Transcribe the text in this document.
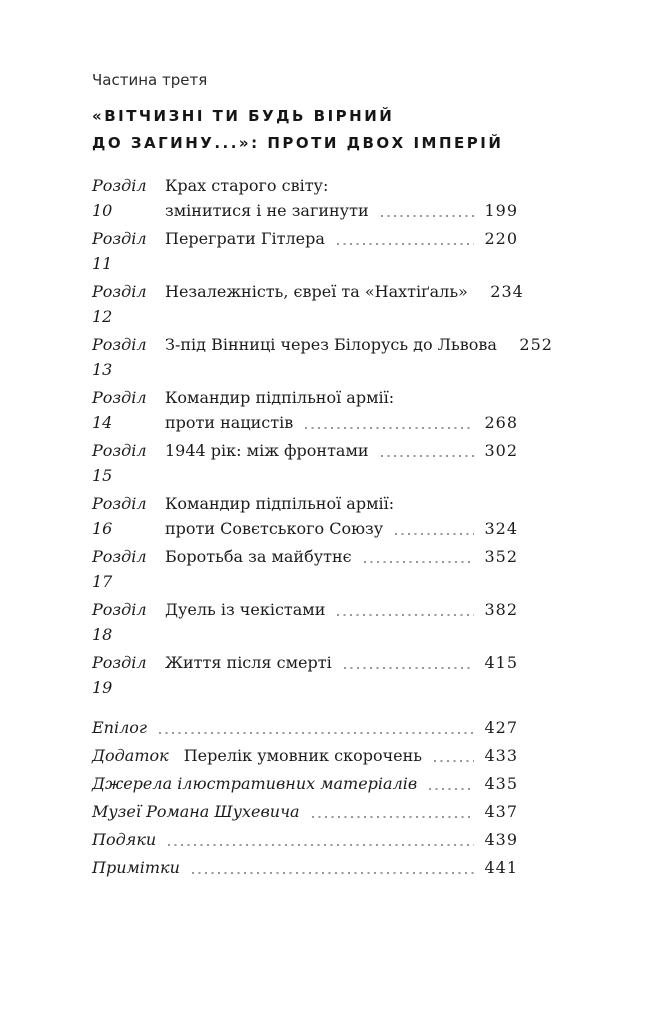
Частина третя
«ВІТЧИЗНІ ТИ БУДЬ ВІРНИЙ
ДО ЗАГИНУ...»: ПРОТИ ДВОХ ІМПЕРІЙ
Розділ 10
Крах старого світу:
змінитися і не загинути	199
Розділ 11
Переграти Гітлера	220
Розділ 12
Незалежність, євреї та «Нахтіґаль» 234
Розділ 13
З-під Вінниці через Білорусь до Львова 252
Розділ 14
Командир підпільної армії:
проти нацистів	268
Розділ 15
1944 рік: між фронтами	302
Розділ 16
Командир підпільної армії:
проти Совєтського Союзу	324
Розділ 17
Боротьба за майбутнє	352
Розділ 18
Дуель із чекістами	382
Розділ 19
Життя після смерті	415
Епілог	427
Додаток Перелік умовник скорочень	433
Джерела ілюстративних матеріалів	435
Музеї Романа Шухевича	437
Подяки	439
Примітки	441
